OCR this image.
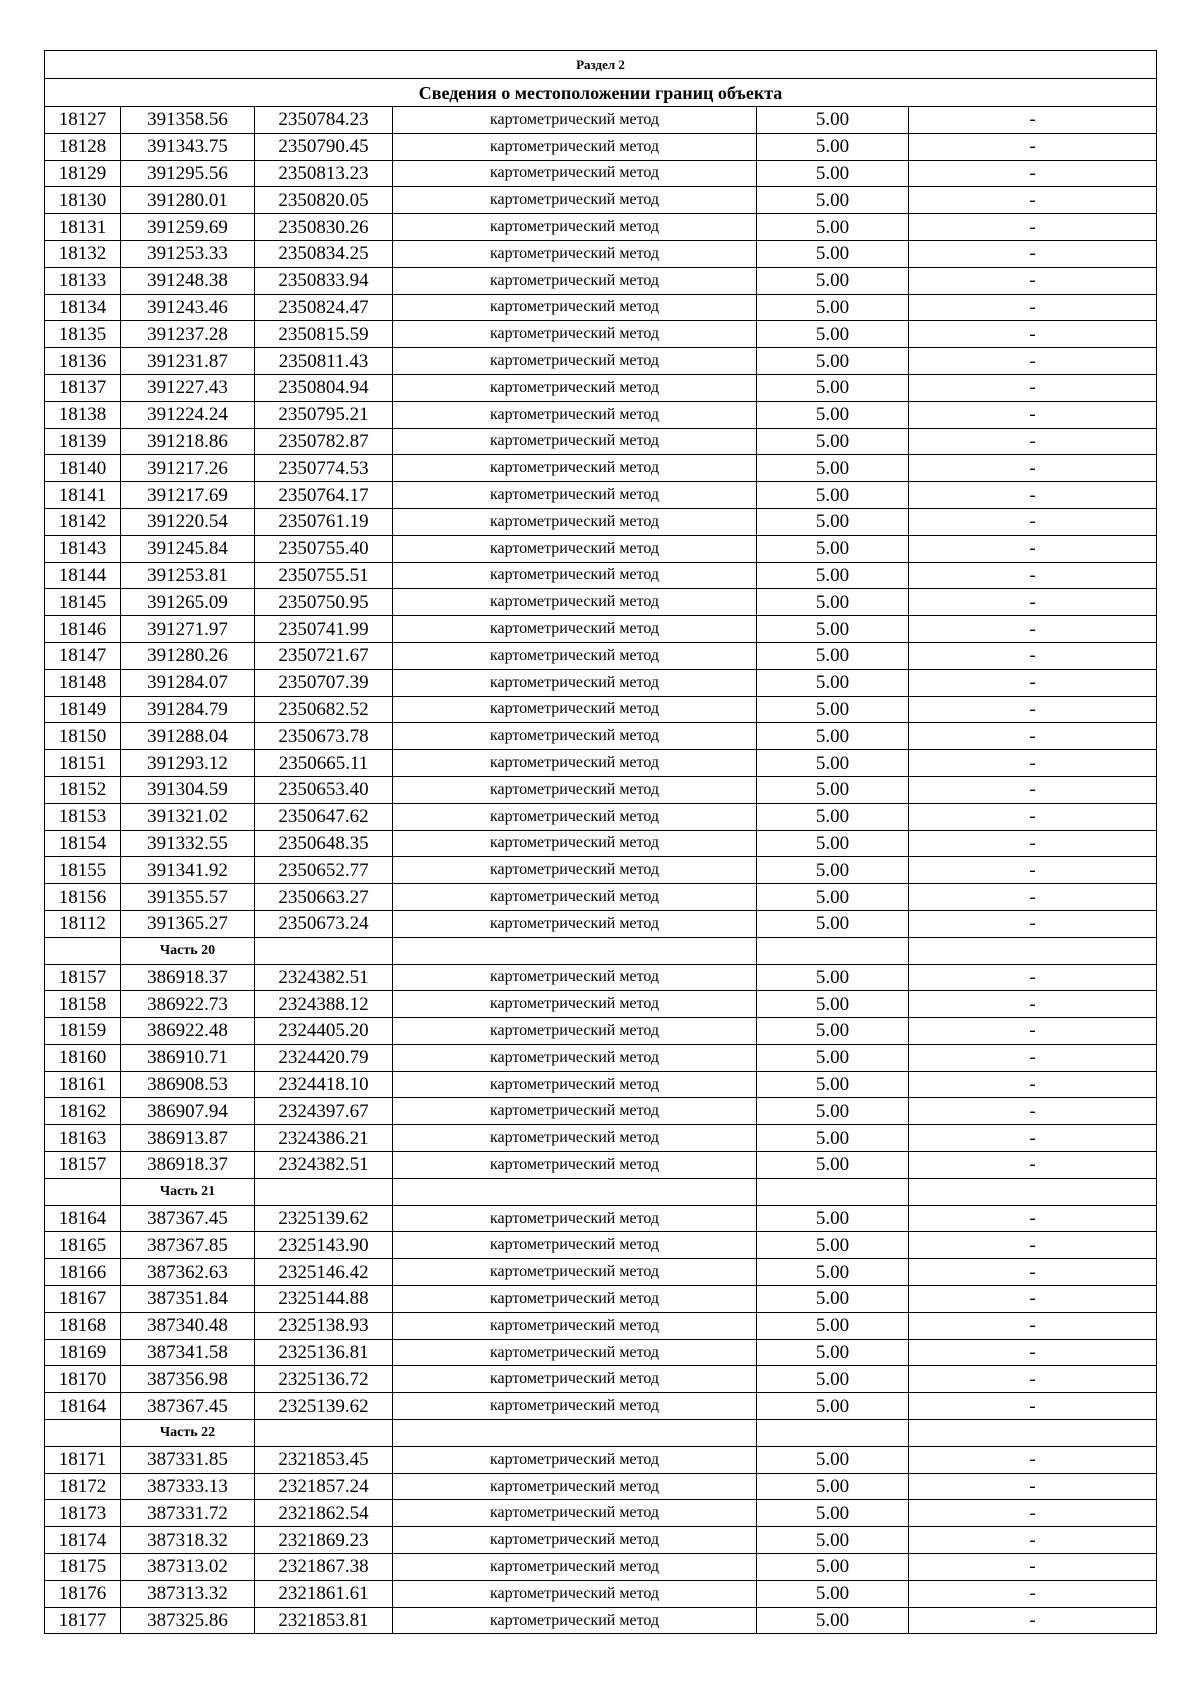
Раздел 2					
Сведения о местоположении границ объекта					
18127	391358.56	2350784.23	картометрический метод	5.00	-
18128	391343.75	2350790.45	картометрический метод	5.00	-
18129	391295.56	2350813.23	картометрический метод	5.00	-
18130	391280.01	2350820.05	картометрический метод	5.00	-
18131	391259.69	2350830.26	картометрический метод	5.00	-
18132	391253.33	2350834.25	картометрический метод	5.00	-
18133	391248.38	2350833.94	картометрический метод	5.00	-
18134	391243.46	2350824.47	картометрический метод	5.00	-
18135	391237.28	2350815.59	картометрический метод	5.00	-
18136	391231.87	2350811.43	картометрический метод	5.00	-
18137	391227.43	2350804.94	картометрический метод	5.00	-
18138	391224.24	2350795.21	картометрический метод	5.00	-
18139	391218.86	2350782.87	картометрический метод	5.00	-
18140	391217.26	2350774.53	картометрический метод	5.00	-
18141	391217.69	2350764.17	картометрический метод	5.00	-
18142	391220.54	2350761.19	картометрический метод	5.00	-
18143	391245.84	2350755.40	картометрический метод	5.00	-
18144	391253.81	2350755.51	картометрический метод	5.00	-
18145	391265.09	2350750.95	картометрический метод	5.00	-
18146	391271.97	2350741.99	картометрический метод	5.00	-
18147	391280.26	2350721.67	картометрический метод	5.00	-
18148	391284.07	2350707.39	картометрический метод	5.00	-
18149	391284.79	2350682.52	картометрический метод	5.00	-
18150	391288.04	2350673.78	картометрический метод	5.00	-
18151	391293.12	2350665.11	картометрический метод	5.00	-
18152	391304.59	2350653.40	картометрический метод	5.00	-
18153	391321.02	2350647.62	картометрический метод	5.00	-
18154	391332.55	2350648.35	картометрический метод	5.00	-
18155	391341.92	2350652.77	картометрический метод	5.00	-
18156	391355.57	2350663.27	картометрический метод	5.00	-
18112	391365.27	2350673.24	картометрический метод	5.00	-
	Часть 20				
18157	386918.37	2324382.51	картометрический метод	5.00	-
18158	386922.73	2324388.12	картометрический метод	5.00	-
18159	386922.48	2324405.20	картометрический метод	5.00	-
18160	386910.71	2324420.79	картометрический метод	5.00	-
18161	386908.53	2324418.10	картометрический метод	5.00	-
18162	386907.94	2324397.67	картометрический метод	5.00	-
18163	386913.87	2324386.21	картометрический метод	5.00	-
18157	386918.37	2324382.51	картометрический метод	5.00	-
	Часть 21				
18164	387367.45	2325139.62	картометрический метод	5.00	-
18165	387367.85	2325143.90	картометрический метод	5.00	-
18166	387362.63	2325146.42	картометрический метод	5.00	-
18167	387351.84	2325144.88	картометрический метод	5.00	-
18168	387340.48	2325138.93	картометрический метод	5.00	-
18169	387341.58	2325136.81	картометрический метод	5.00	-
18170	387356.98	2325136.72	картометрический метод	5.00	-
18164	387367.45	2325139.62	картометрический метод	5.00	-
	Часть 22				
18171	387331.85	2321853.45	картометрический метод	5.00	-
18172	387333.13	2321857.24	картометрический метод	5.00	-
18173	387331.72	2321862.54	картометрический метод	5.00	-
18174	387318.32	2321869.23	картометрический метод	5.00	-
18175	387313.02	2321867.38	картометрический метод	5.00	-
18176	387313.32	2321861.61	картометрический метод	5.00	-
18177	387325.86	2321853.81	картометрический метод	5.00	-
